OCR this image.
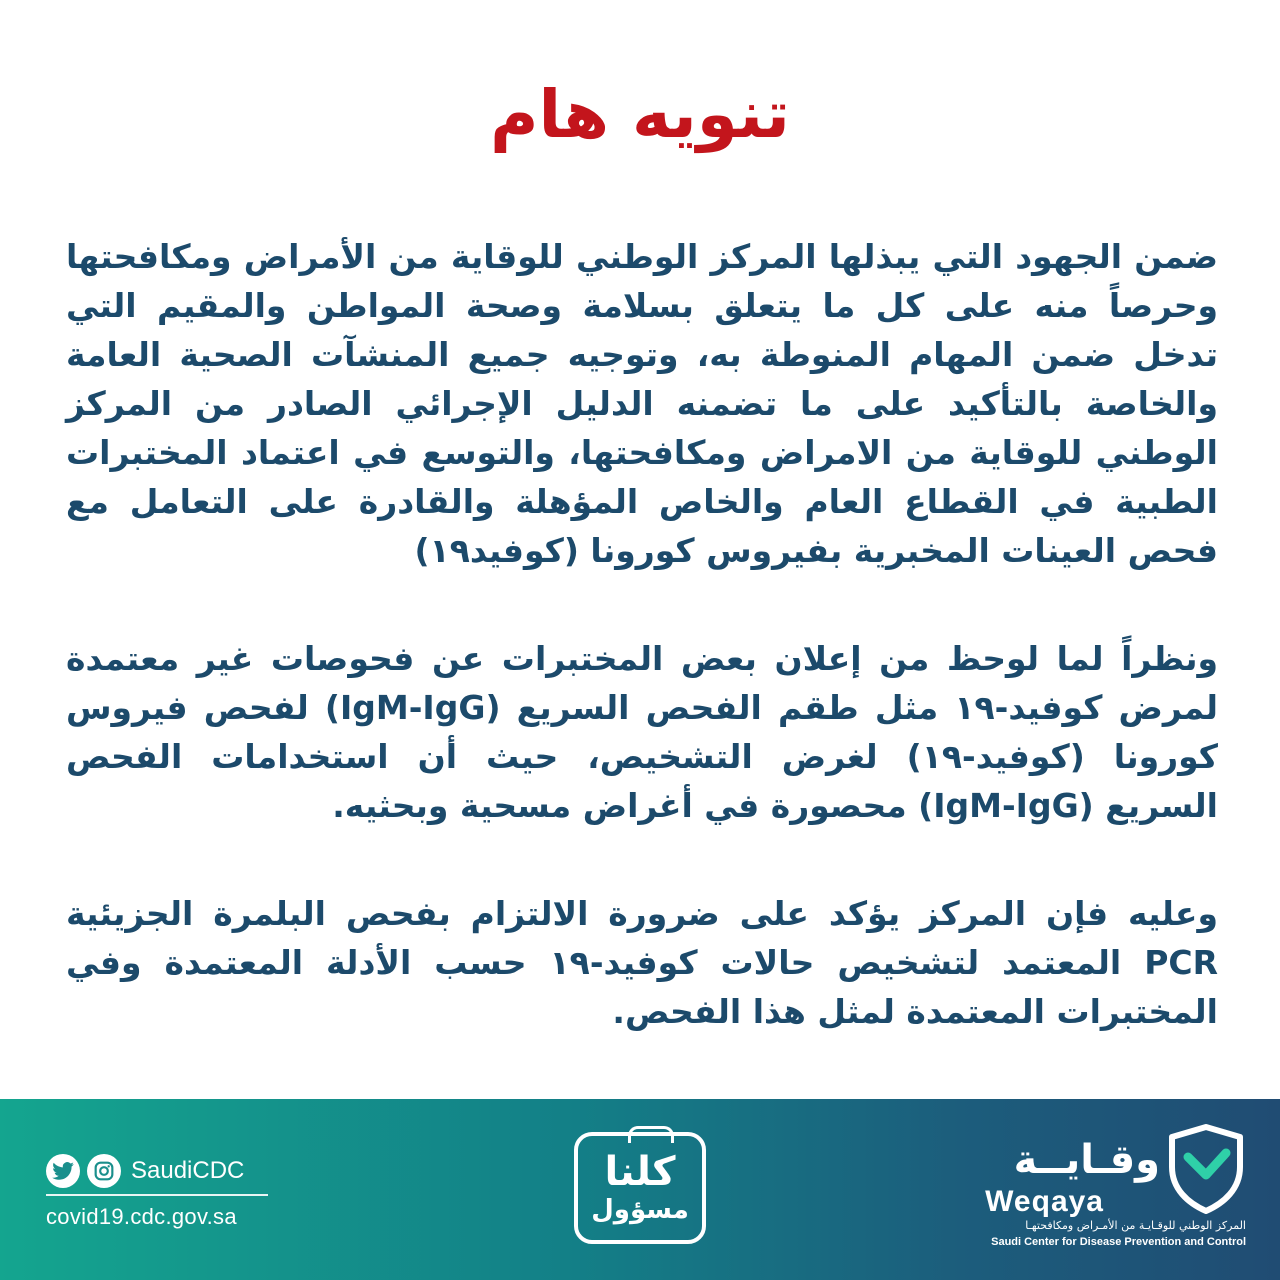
تنويه هام

ضمن الجهود التي يبذلها المركز الوطني للوقاية من الأمراض ومكافحتها وحرصاً منه على كل ما يتعلق بسلامة وصحة المواطن والمقيم التي تدخل ضمن المهام المنوطة به، وتوجيه جميع المنشآت الصحية العامة والخاصة بالتأكيد على ما تضمنه الدليل الإجرائي الصادر من المركز الوطني للوقاية من الامراض ومكافحتها، والتوسع في اعتماد المختبرات الطبية في القطاع العام والخاص المؤهلة والقادرة على التعامل مع فحص العينات المخبرية بفيروس كورونا (كوفيد١٩)

ونظراً لما لوحظ من إعلان بعض المختبرات عن فحوصات غير معتمدة لمرض كوفيد-١٩ مثل طقم الفحص السريع (IgM-IgG) لفحص فيروس كورونا (كوفيد-١٩) لغرض التشخيص، حيث أن استخدامات الفحص السريع (IgM-IgG) محصورة في أغراض مسحية وبحثيه.

وعليه فإن المركز يؤكد على ضرورة الالتزام بفحص البلمرة الجزيئية PCR المعتمد لتشخيص حالات كوفيد-١٩ حسب الأدلة المعتمدة وفي المختبرات المعتمدة لمثل هذا الفحص.

SaudiCDC
covid19.cdc.gov.sa
كلنا
مسؤول
وقـايــة
Weqaya
المركز الوطني للوقـايـة من الأمـراض ومكافحتهـا
Saudi Center for Disease Prevention and Control
